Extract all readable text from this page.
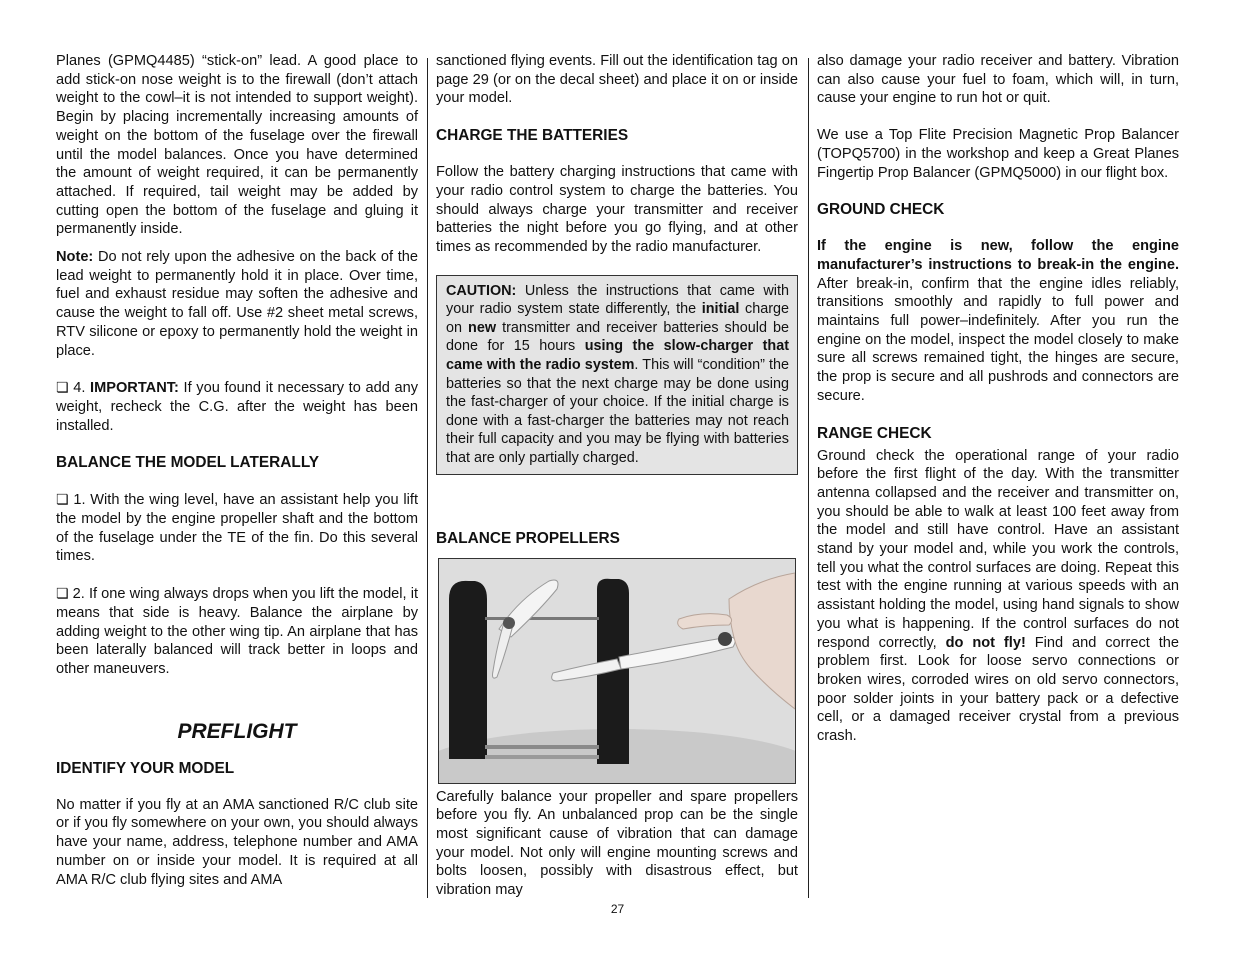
Planes (GPMQ4485) “stick-on” lead. A good place to add stick-on nose weight is to the firewall (don’t attach weight to the cowl–it is not intended to support weight). Begin by placing incrementally increasing amounts of weight on the bottom of the fuselage over the firewall until the model balances. Once you have determined the amount of weight required, it can be permanently attached. If required, tail weight may be added by cutting open the bottom of the fuselage and gluing it permanently inside.

Note: Do not rely upon the adhesive on the back of the lead weight to permanently hold it in place. Over time, fuel and exhaust residue may soften the adhesive and cause the weight to fall off. Use #2 sheet metal screws, RTV silicone or epoxy to permanently hold the weight in place.

❏ 4. IMPORTANT: If you found it necessary to add any weight, recheck the C.G. after the weight has been installed.

BALANCE THE MODEL LATERALLY

❏ 1. With the wing level, have an assistant help you lift the model by the engine propeller shaft and the bottom of the fuselage under the TE of the fin. Do this several times.

❏ 2. If one wing always drops when you lift the model, it means that side is heavy. Balance the airplane by adding weight to the other wing tip. An airplane that has been laterally balanced will track better in loops and other maneuvers.

PREFLIGHT
IDENTIFY YOUR MODEL

No matter if you fly at an AMA sanctioned R/C club site or if you fly somewhere on your own, you should always have your name, address, telephone number and AMA number on or inside your model. It is required at all AMA R/C club flying sites and AMA

sanctioned flying events. Fill out the identification tag on page 29 (or on the decal sheet) and place it on or inside your model.

CHARGE THE BATTERIES

Follow the battery charging instructions that came with your radio control system to charge the batteries. You should always charge your transmitter and receiver batteries the night before you go flying, and at other times as recommended by the radio manufacturer.

CAUTION: Unless the instructions that came with your radio system state differently, the initial charge on new transmitter and receiver batteries should be done for 15 hours using the slow-charger that came with the radio system. This will “condition” the batteries so that the next charge may be done using the fast-charger of your choice. If the initial charge is done with a fast-charger the batteries may not reach their full capacity and you may be flying with batteries that are only partially charged.
BALANCE PROPELLERS

Carefully balance your propeller and spare propellers before you fly. An unbalanced prop can be the single most significant cause of vibration that can damage your model. Not only will engine mounting screws and bolts loosen, possibly with disastrous effect, but vibration may

also damage your radio receiver and battery. Vibration can also cause your fuel to foam, which will, in turn, cause your engine to run hot or quit.

We use a Top Flite Precision Magnetic Prop Balancer (TOPQ5700) in the workshop and keep a Great Planes Fingertip Prop Balancer (GPMQ5000) in our flight box.

GROUND CHECK

If the engine is new, follow the engine manufacturer’s instructions to break-in the engine. After break-in, confirm that the engine idles reliably, transitions smoothly and rapidly to full power and maintains full power–indefinitely. After you run the engine on the model, inspect the model closely to make sure all screws remained tight, the hinges are secure, the prop is secure and all pushrods and connectors are secure.

RANGE CHECK

Ground check the operational range of your radio before the first flight of the day. With the transmitter antenna collapsed and the receiver and transmitter on, you should be able to walk at least 100 feet away from the model and still have control. Have an assistant stand by your model and, while you work the controls, tell you what the control surfaces are doing. Repeat this test with the engine running at various speeds with an assistant holding the model, using hand signals to show you what is happening. If the control surfaces do not respond correctly, do not fly! Find and correct the problem first. Look for loose servo connections or broken wires, corroded wires on old servo connectors, poor solder joints in your battery pack or a defective cell, or a damaged receiver crystal from a previous crash.

27
